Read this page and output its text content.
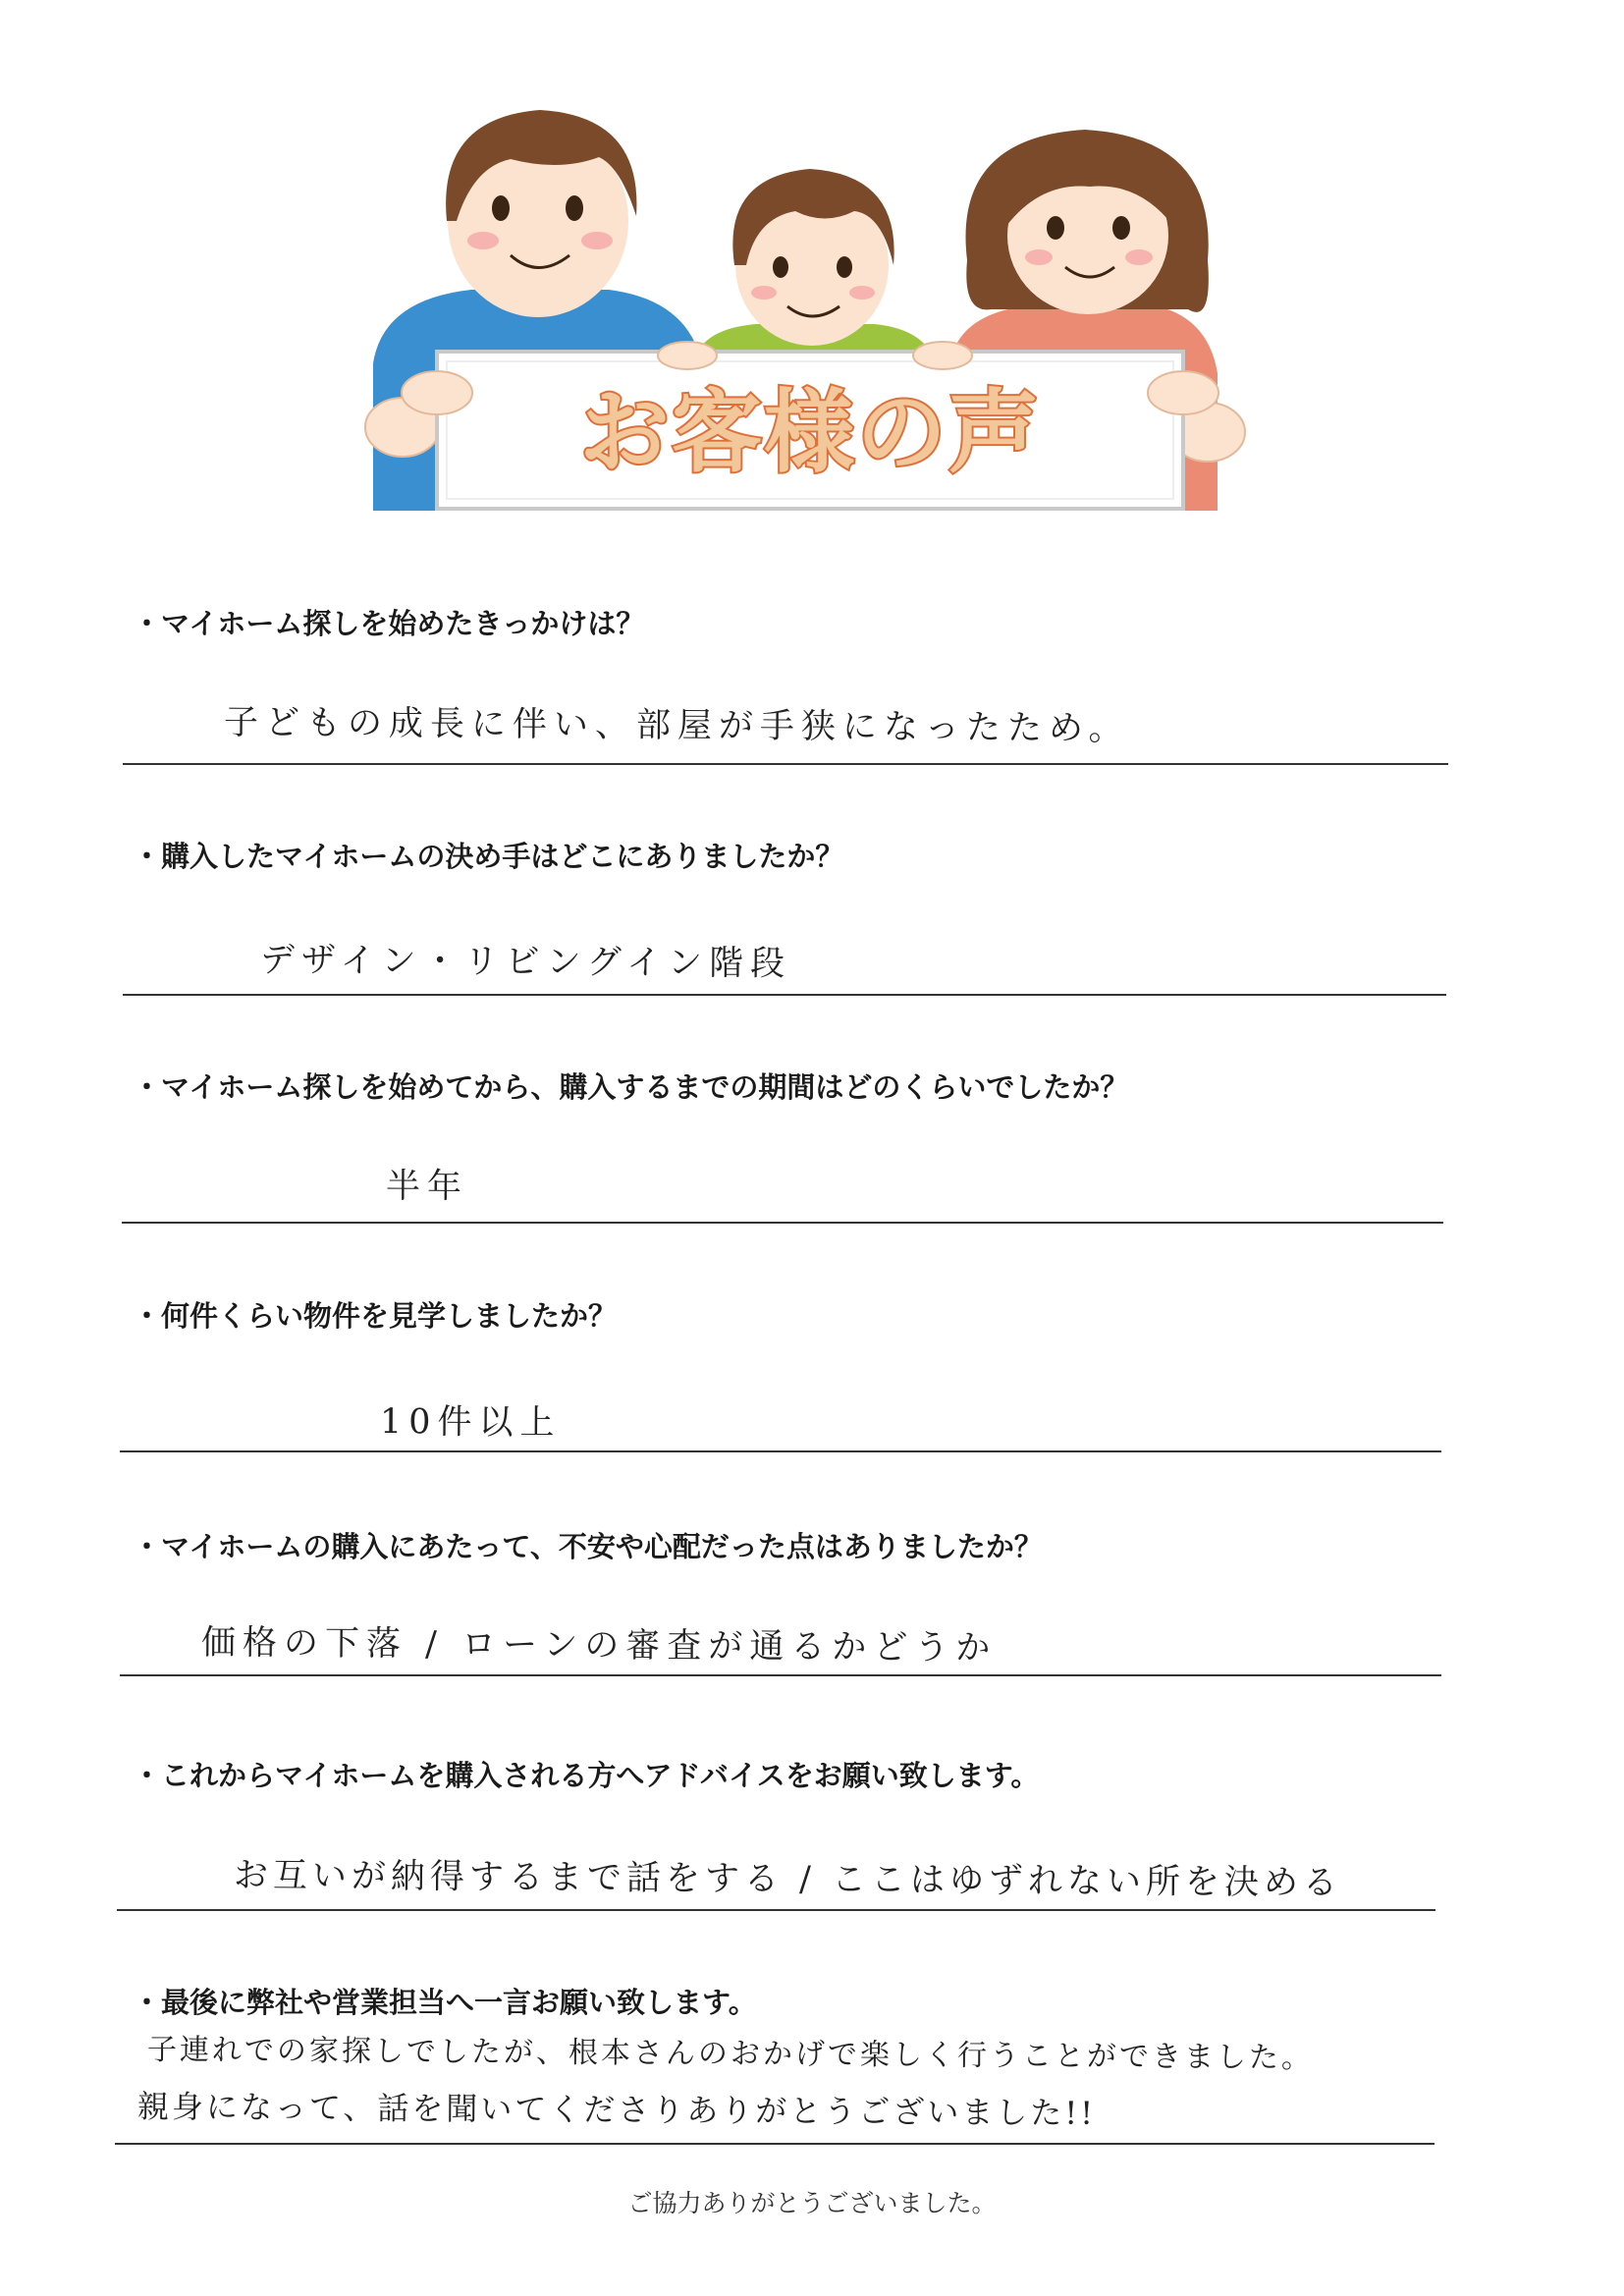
お客様の声
・マイホーム探しを始めたきっかけは？
子どもの成長に伴い、部屋が手狭になったため。
・購入したマイホームの決め手はどこにありましたか？
デザイン・リビングイン階段
・マイホーム探しを始めてから、購入するまでの期間はどのくらいでしたか？
半年
・何件くらい物件を見学しましたか？
10件以上
・マイホームの購入にあたって、不安や心配だった点はありましたか？
価格の下落 / ローンの審査が通るかどうか
・これからマイホームを購入される方へアドバイスをお願い致します。
お互いが納得するまで話をする / ここはゆずれない所を決める
・最後に弊社や営業担当へ一言お願い致します。
子連れでの家探しでしたが、根本さんのおかげで楽しく行うことができました。
親身になって、話を聞いてくださりありがとうございました!!
ご協力ありがとうございました。
